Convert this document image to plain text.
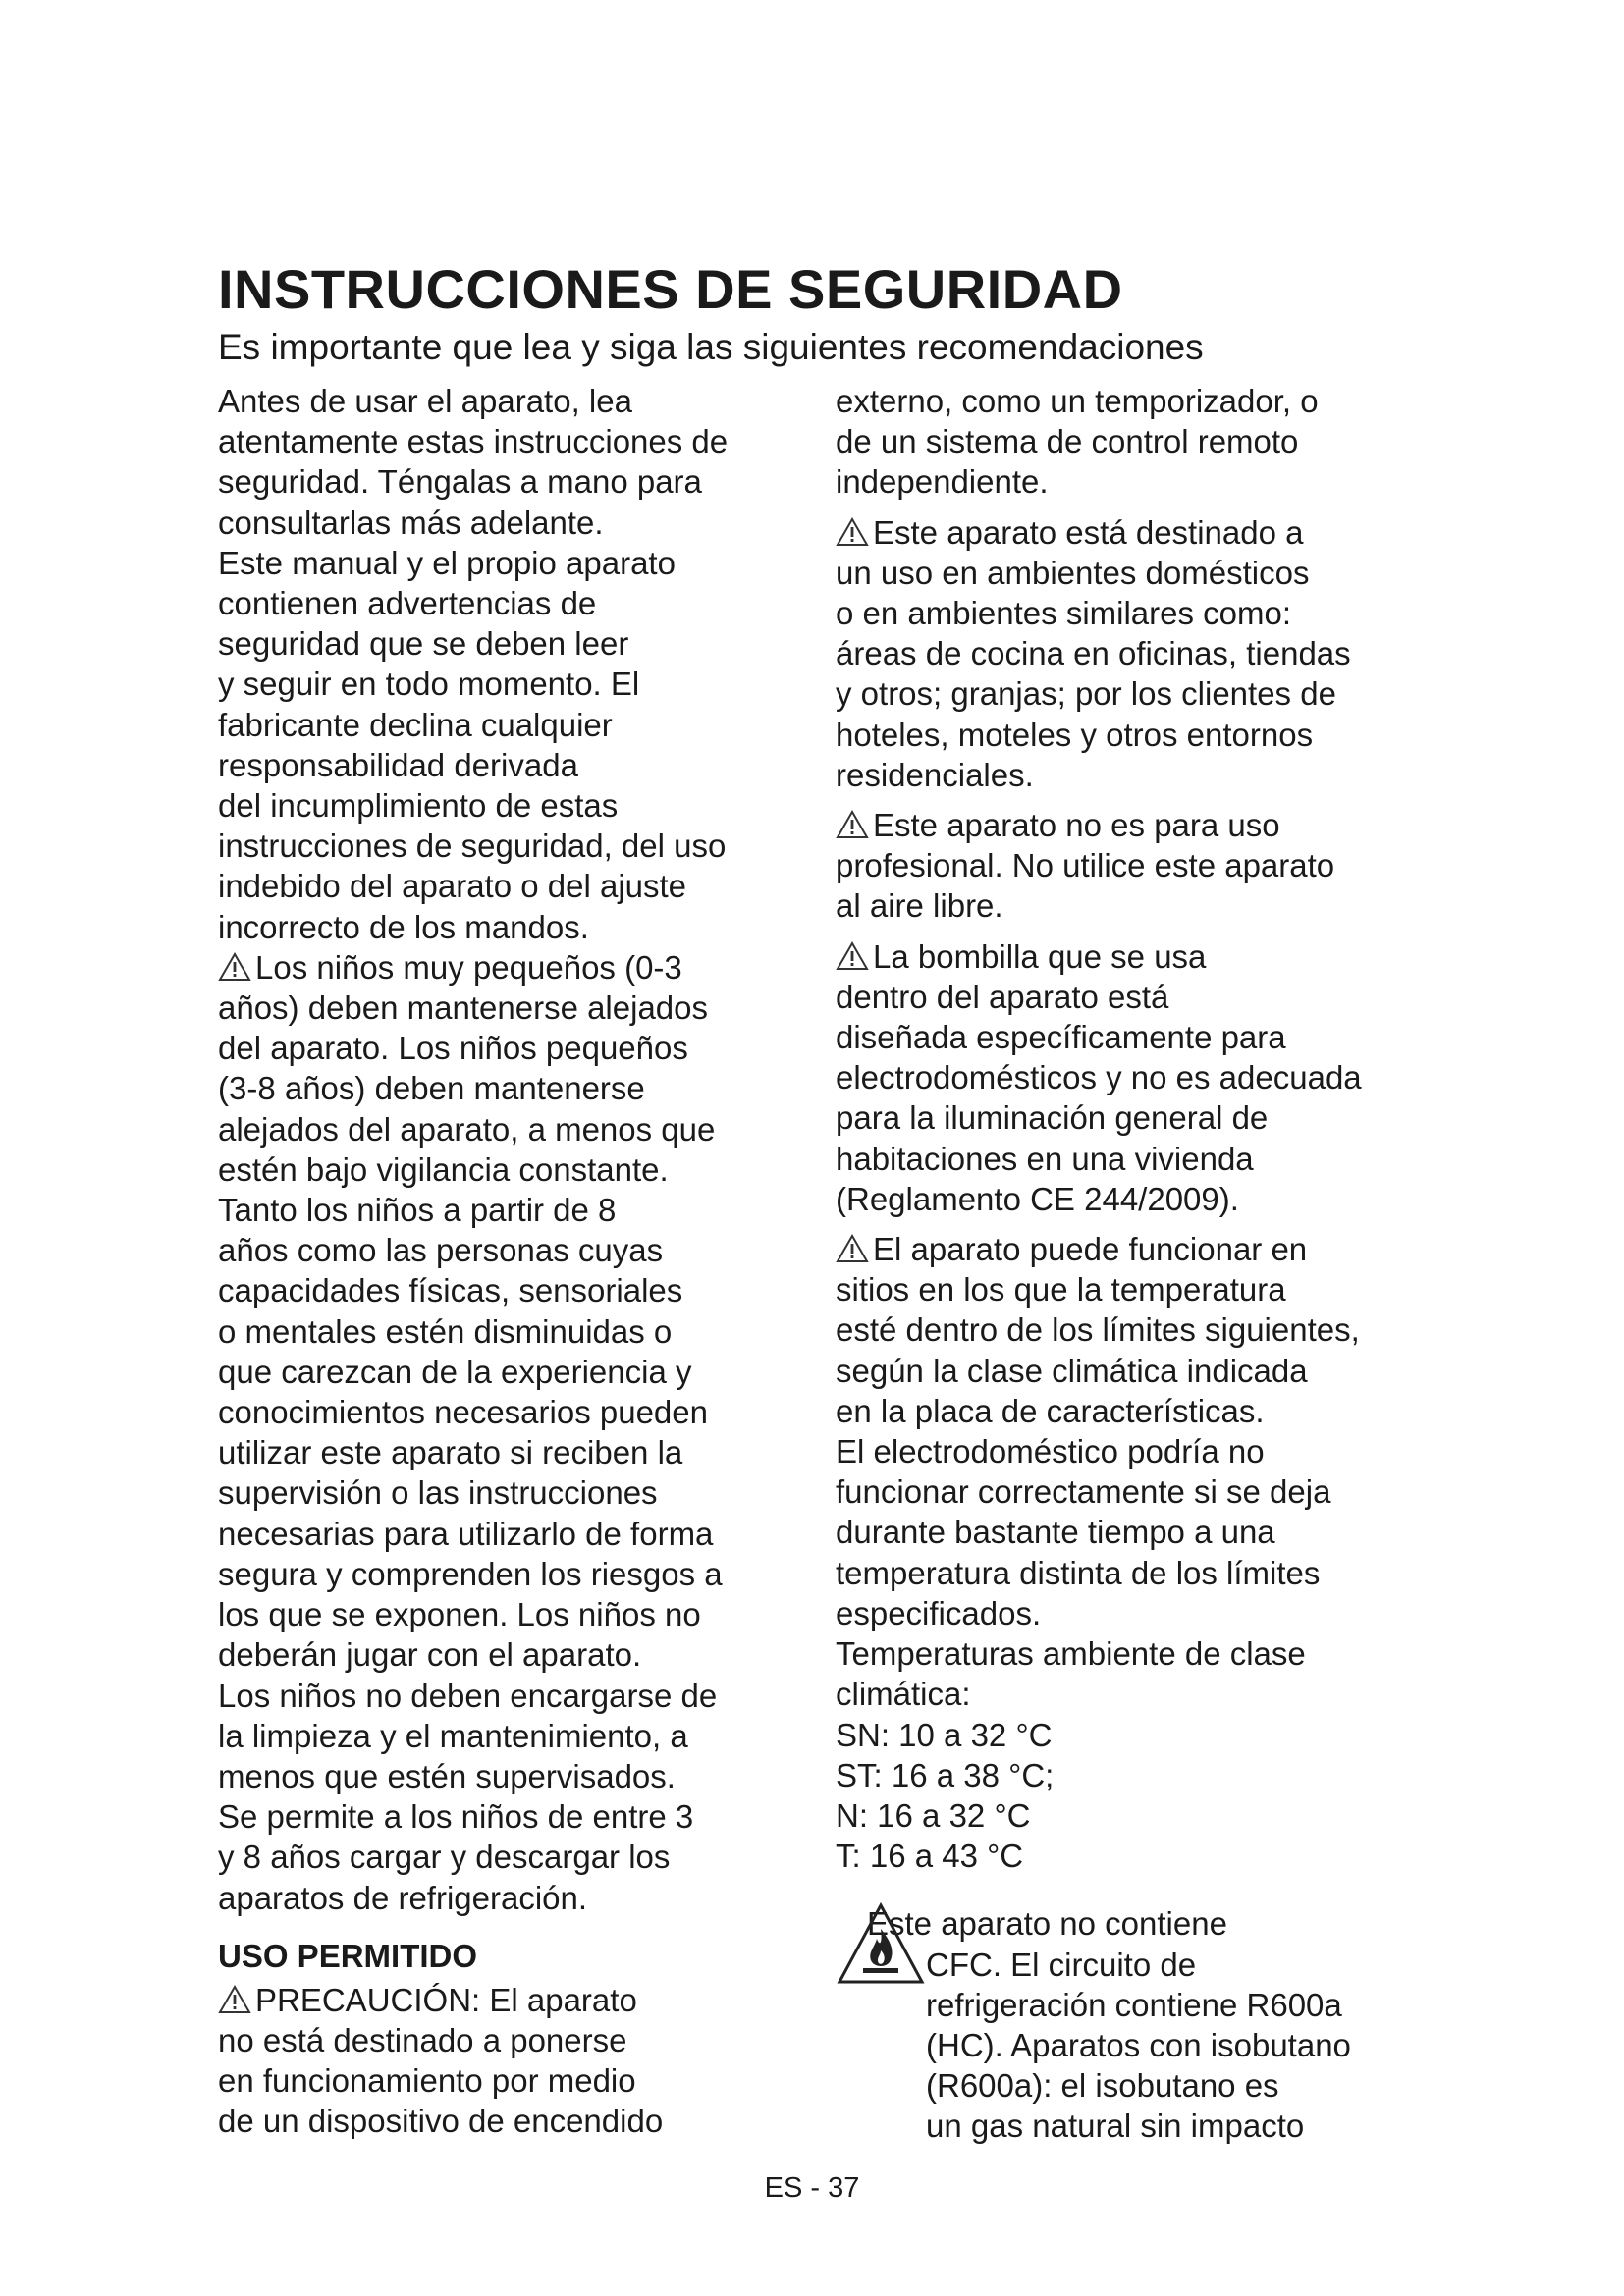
INSTRUCCIONES DE SEGURIDAD
Es importante que lea y siga las siguientes recomendaciones
Antes de usar el aparato, lea
atentamente estas instrucciones de
seguridad. Téngalas a mano para
consultarlas más adelante.
Este manual y el propio aparato
contienen advertencias de
seguridad que se deben leer
y seguir en todo momento. El
fabricante declina cualquier
responsabilidad derivada
del incumplimiento de estas
instrucciones de seguridad, del uso
indebido del aparato o del ajuste
incorrecto de los mandos.
Los niños muy pequeños (0-3
años) deben mantenerse alejados
del aparato. Los niños pequeños
(3-8 años) deben mantenerse
alejados del aparato, a menos que
estén bajo vigilancia constante.
Tanto los niños a partir de 8
años como las personas cuyas
capacidades físicas, sensoriales
o mentales estén disminuidas o
que carezcan de la experiencia y
conocimientos necesarios pueden
utilizar este aparato si reciben la
supervisión o las instrucciones
necesarias para utilizarlo de forma
segura y comprenden los riesgos a
los que se exponen. Los niños no
deberán jugar con el aparato.
Los niños no deben encargarse de
la limpieza y el mantenimiento, a
menos que estén supervisados.
Se permite a los niños de entre 3
y 8 años cargar y descargar los
aparatos de refrigeración.
USO PERMITIDO
PRECAUCIÓN: El aparato
no está destinado a ponerse
en funcionamiento por medio
de un dispositivo de encendido
externo, como un temporizador, o
de un sistema de control remoto
independiente.
Este aparato está destinado a
un uso en ambientes domésticos
o en ambientes similares como:
áreas de cocina en oficinas, tiendas
y otros; granjas; por los clientes de
hoteles, moteles y otros entornos
residenciales.
Este aparato no es para uso
profesional. No utilice este aparato
al aire libre.
La bombilla que se usa
dentro del aparato está
diseñada específicamente para
electrodomésticos y no es adecuada
para la iluminación general de
habitaciones en una vivienda
(Reglamento CE 244/2009).
El aparato puede funcionar en
sitios en los que la temperatura
esté dentro de los límites siguientes,
según la clase climática indicada
en la placa de características.
El electrodoméstico podría no
funcionar correctamente si se deja
durante bastante tiempo a una
temperatura distinta de los límites
especificados.
Temperaturas ambiente de clase
climática:
SN: 10 a 32 °C
ST: 16 a 38 °C;
N: 16 a 32 °C
T: 16 a 43 °C
Este aparato no contiene
CFC. El circuito de
refrigeración contiene R600a
(HC). Aparatos con isobutano
(R600a): el isobutano es
un gas natural sin impacto
ES - 37
